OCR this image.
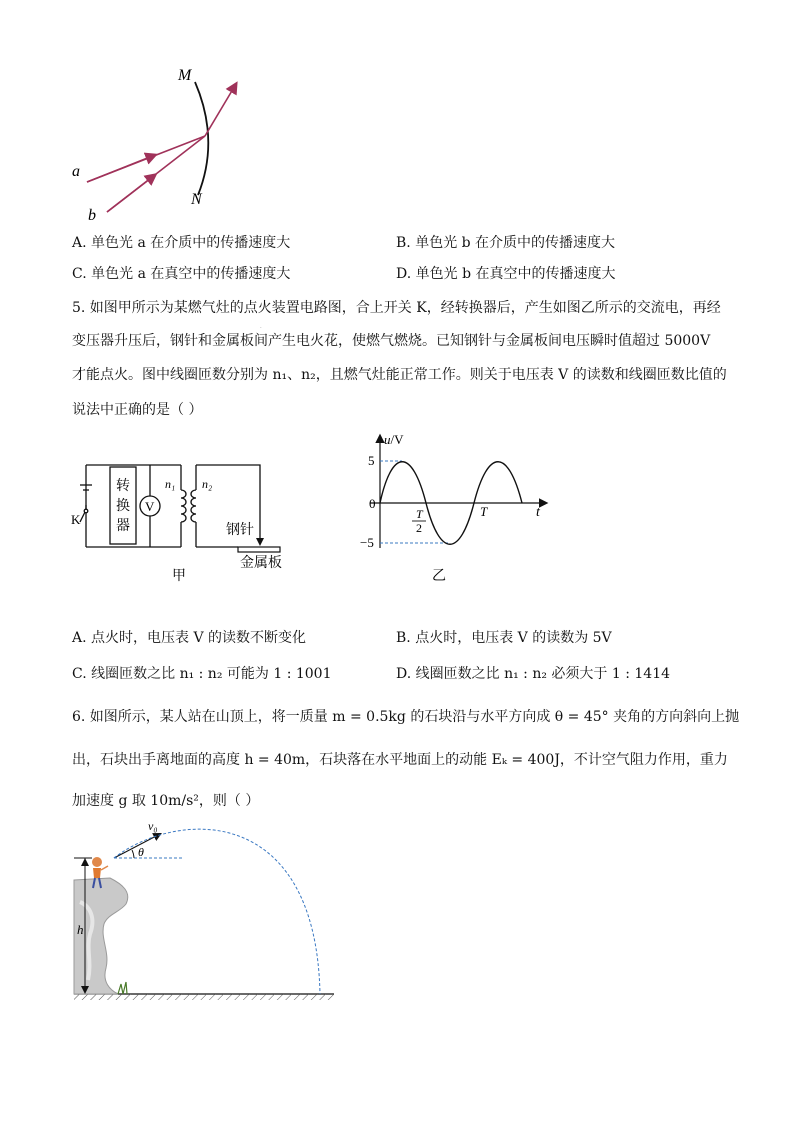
M
N
a
b
A. 单色光 a 在介质中的传播速度大	B. 单色光 b 在介质中的传播速度大
C. 单色光 a 在真空中的传播速度大	D. 单色光 b 在真空中的传播速度大
5. 如图甲所示为某燃气灶的点火装置电路图，合上开关 K，经转换器后，产生如图乙所示的交流电，再经
变压器升压后，钢针和金属板间产生电火花，使燃气燃烧。已知钢针与金属板间电压瞬时值超过 5000V
才能点火。图中线圈匝数分别为 n₁、n₂，且燃气灶能正常工作。则关于电压表 V 的读数和线圈匝数比值的
说法中正确的是（ ）
转
换
器
V
n₁ n₂
K
钢针
金属板
甲
u/V
u/V
t
5
−5
0
T
2
T
乙
A. 点火时，电压表 V 的读数不断变化	B. 点火时，电压表 V 的读数为 5V
C. 线圈匝数之比 n₁ : n₂ 可能为 1 : 1001	D. 线圈匝数之比 n₁ : n₂ 必须大于 1 : 1414
6. 如图所示，某人站在山顶上，将一质量 m = 0.5kg 的石块沿与水平方向成 θ = 45° 夹角的方向斜向上抛
出，石块出手离地面的高度 h = 40m，石块落在水平地面上的动能 Eₖ = 400J，不计空气阻力作用，重力
加速度 g 取 10m/s²，则（ ）
h
v₀
θ
